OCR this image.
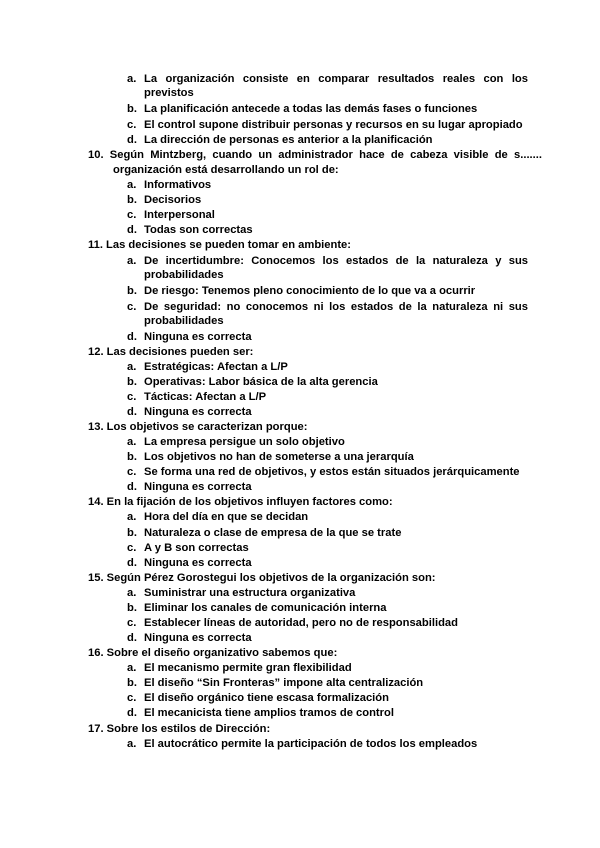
a. La organización consiste en comparar resultados reales con los
previstos
b. La planificación antecede a todas las demás fases o funciones
c. El control supone distribuir personas y recursos en su lugar apropiado
d. La dirección de personas es anterior a la planificación
10. Según Mintzberg, cuando un administrador hace de cabeza visible de s.......
organización está desarrollando un rol de:
a. Informativos
b. Decisorios
c. Interpersonal
d. Todas son correctas
11. Las decisiones se pueden tomar en ambiente:
a. De incertidumbre: Conocemos los estados de la naturaleza y sus
probabilidades
b. De riesgo: Tenemos pleno conocimiento de lo que va a ocurrir
c. De seguridad: no conocemos ni los estados de la naturaleza ni sus
probabilidades
d. Ninguna es correcta
12. Las decisiones pueden ser:
a. Estratégicas: Afectan a L/P
b. Operativas: Labor básica de la alta gerencia
c. Tácticas: Afectan a L/P
d. Ninguna es correcta
13. Los objetivos se caracterizan porque:
a. La empresa persigue un solo objetivo
b. Los objetivos no han de someterse a una jerarquía
c. Se forma una red de objetivos, y estos están situados jerárquicamente
d. Ninguna es correcta
14. En la fijación de los objetivos influyen factores como:
a. Hora del día en que se decidan
b. Naturaleza o clase de empresa de la que se trate
c. A y B son correctas
d. Ninguna es correcta
15. Según Pérez Gorostegui los objetivos de la organización son:
a. Suministrar una estructura organizativa
b. Eliminar los canales de comunicación interna
c. Establecer líneas de autoridad, pero no de responsabilidad
d. Ninguna es correcta
16. Sobre el diseño organizativo sabemos que:
a. El mecanismo permite gran flexibilidad
b. El diseño “Sin Fronteras” impone alta centralización
c. El diseño orgánico tiene escasa formalización
d. El mecanicista tiene amplios tramos de control
17. Sobre los estilos de Dirección:
a. El autocrático permite la participación de todos los empleados
